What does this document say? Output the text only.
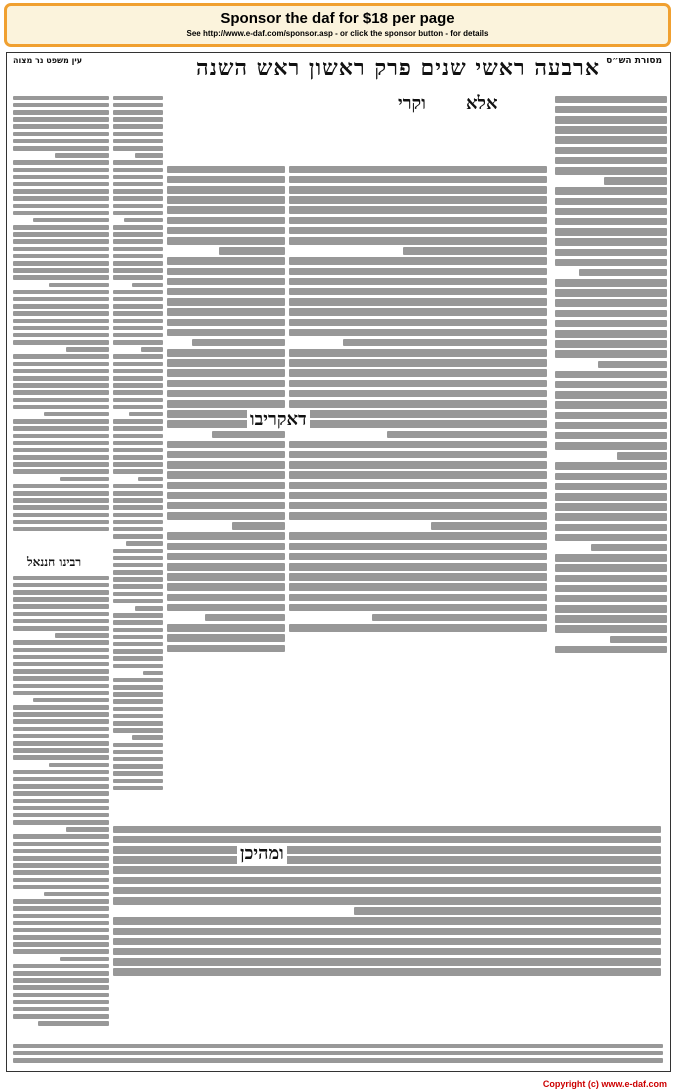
Sponsor the daf for $18 per page
See http://www.e-daf.com/sponsor.asp - or click the sponsor button - for details
מסורת הש״ס
ארבעה ראשי שנים פרק ראשון ראש השנה
עין משפט נר מצוה
אלא
וקרי
דאקריבו
ומהיכן
רבינו חננאל
Copyright (c) www.e-daf.com
